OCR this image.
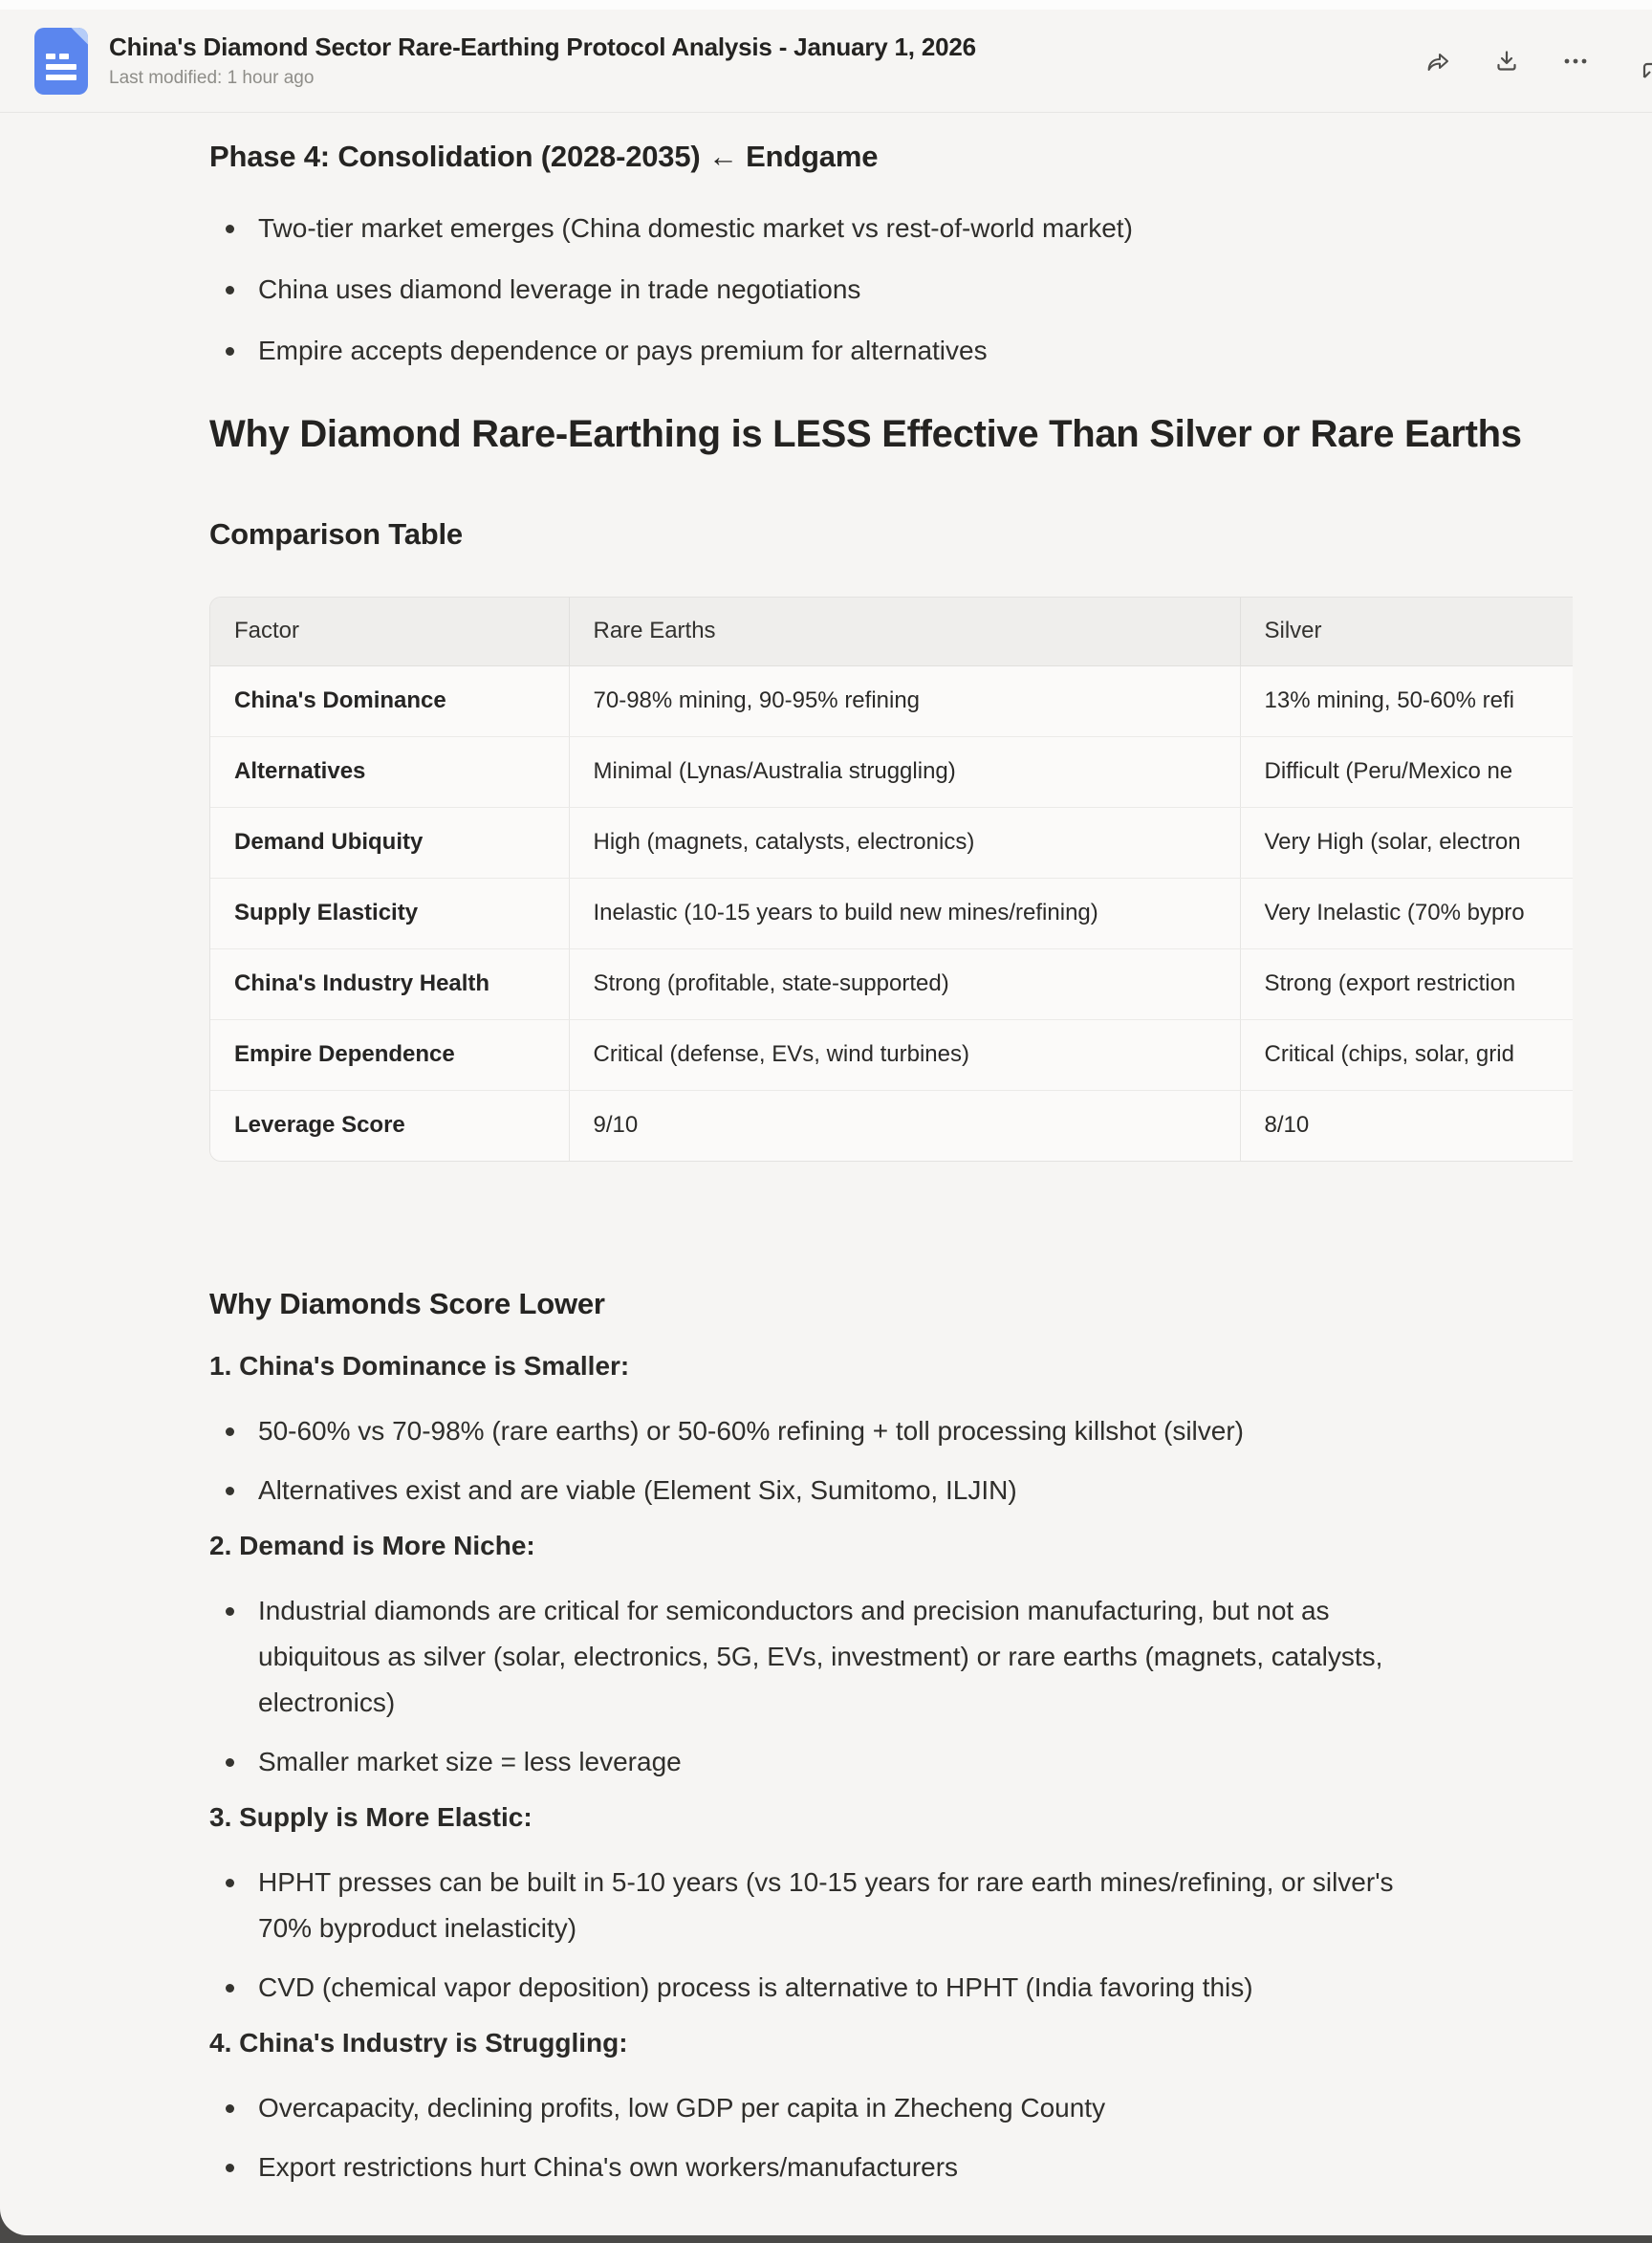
China's Diamond Sector Rare-Earthing Protocol Analysis - January 1, 2026
Last modified: 1 hour ago
Phase 4: Consolidation (2028-2035) ← Endgame
Two-tier market emerges (China domestic market vs rest-of-world market)
China uses diamond leverage in trade negotiations
Empire accepts dependence or pays premium for alternatives
Why Diamond Rare-Earthing is LESS Effective Than Silver or Rare Earths
Comparison Table
Factor	Rare Earths	Silver
China's Dominance	70-98% mining, 90-95% refining	13% mining, 50-60% refi
Alternatives	Minimal (Lynas/Australia struggling)	Difficult (Peru/Mexico ne
Demand Ubiquity	High (magnets, catalysts, electronics)	Very High (solar, electron
Supply Elasticity	Inelastic (10-15 years to build new mines/refining)	Very Inelastic (70% bypro
China's Industry Health	Strong (profitable, state-supported)	Strong (export restriction
Empire Dependence	Critical (defense, EVs, wind turbines)	Critical (chips, solar, grid
Leverage Score	9/10	8/10
Why Diamonds Score Lower

1. China's Dominance is Smaller:

50-60% vs 70-98% (rare earths) or 50-60% refining + toll processing killshot (silver)
Alternatives exist and are viable (Element Six, Sumitomo, ILJIN)

2. Demand is More Niche:

Industrial diamonds are critical for semiconductors and precision manufacturing, but not as ubiquitous as silver (solar, electronics, 5G, EVs, investment) or rare earths (magnets, catalysts, electronics)
Smaller market size = less leverage

3. Supply is More Elastic:

HPHT presses can be built in 5-10 years (vs 10-15 years for rare earth mines/refining, or silver's 70% byproduct inelasticity)
CVD (chemical vapor deposition) process is alternative to HPHT (India favoring this)

4. China's Industry is Struggling:

Overcapacity, declining profits, low GDP per capita in Zhecheng County
Export restrictions hurt China's own workers/manufacturers
